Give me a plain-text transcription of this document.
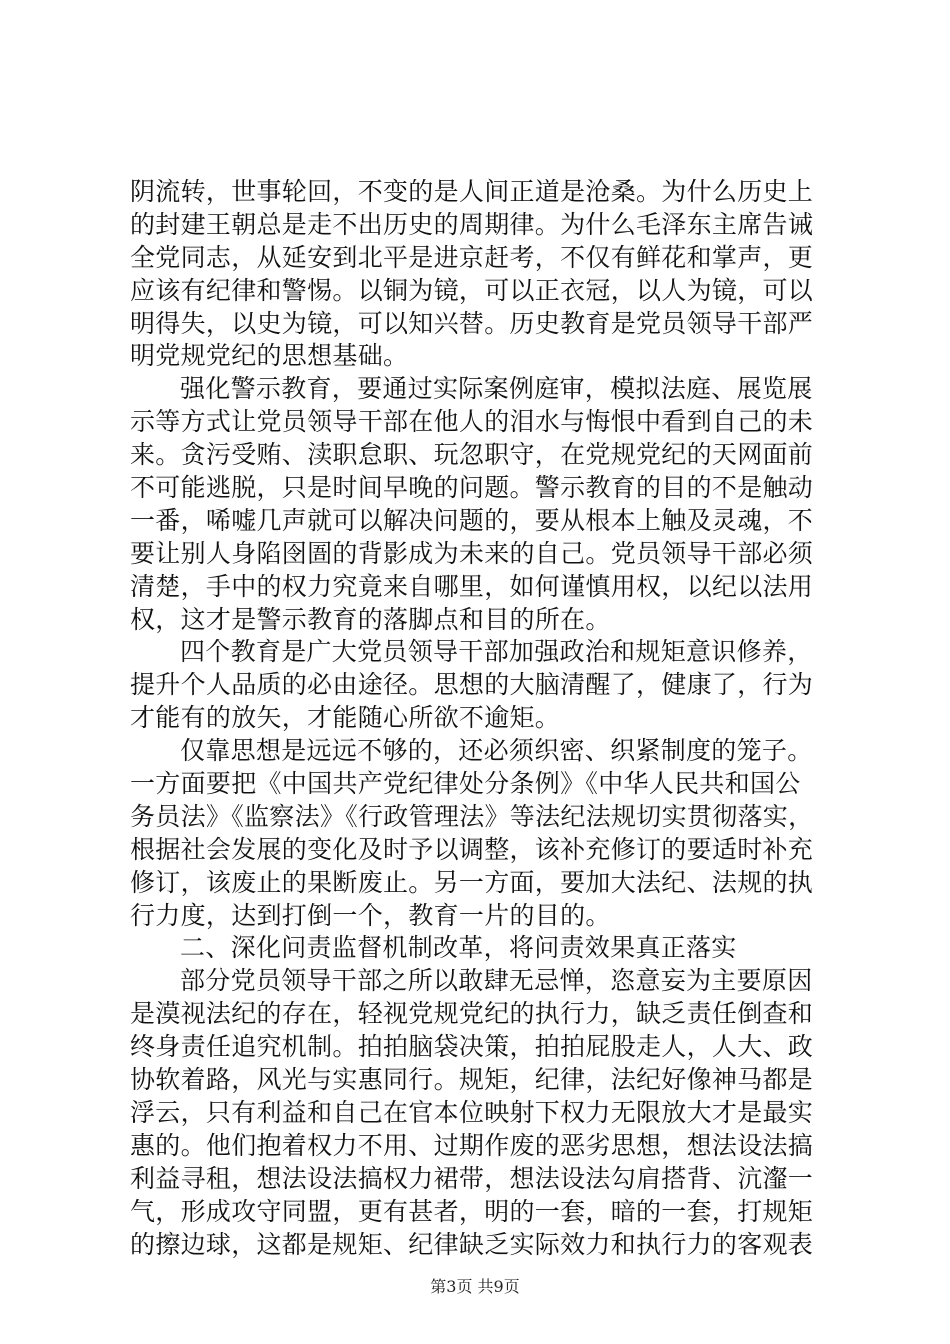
阴流转，世事轮回，不变的是人间正道是沧桑。为什么历史上
的封建王朝总是走不出历史的周期律。为什么毛泽东主席告诫
全党同志，从延安到北平是进京赶考，不仅有鲜花和掌声，更
应该有纪律和警惕。以铜为镜，可以正衣冠，以人为镜，可以
明得失，以史为镜，可以知兴替。历史教育是党员领导干部严
明党规党纪的思想基础。
强化警示教育，要通过实际案例庭审，模拟法庭、展览展
示等方式让党员领导干部在他人的泪水与悔恨中看到自己的未
来。贪污受贿、渎职怠职、玩忽职守，在党规党纪的天网面前
不可能逃脱，只是时间早晚的问题。警示教育的目的不是触动
一番，唏嘘几声就可以解决问题的，要从根本上触及灵魂，不
要让别人身陷囹圄的背影成为未来的自己。党员领导干部必须
清楚，手中的权力究竟来自哪里，如何谨慎用权，以纪以法用
权，这才是警示教育的落脚点和目的所在。
四个教育是广大党员领导干部加强政治和规矩意识修养，
提升个人品质的必由途径。思想的大脑清醒了，健康了，行为
才能有的放矢，才能随心所欲不逾矩。
仅靠思想是远远不够的，还必须织密、织紧制度的笼子。
一方面要把《中国共产党纪律处分条例》《中华人民共和国公
务员法》《监察法》《行政管理法》等法纪法规切实贯彻落实，
根据社会发展的变化及时予以调整，该补充修订的要适时补充
修订，该废止的果断废止。另一方面，要加大法纪、法规的执
行力度，达到打倒一个，教育一片的目的。
二、深化问责监督机制改革，将问责效果真正落实
部分党员领导干部之所以敢肆无忌惮，恣意妄为主要原因
是漠视法纪的存在，轻视党规党纪的执行力，缺乏责任倒查和
终身责任追究机制。拍拍脑袋决策，拍拍屁股走人，人大、政
协软着路，风光与实惠同行。规矩，纪律，法纪好像神马都是
浮云，只有利益和自己在官本位映射下权力无限放大才是最实
惠的。他们抱着权力不用、过期作废的恶劣思想，想法设法搞
利益寻租，想法设法搞权力裙带，想法设法勾肩搭背、沆瀣一
气，形成攻守同盟，更有甚者，明的一套，暗的一套，打规矩
的擦边球，这都是规矩、纪律缺乏实际效力和执行力的客观表
第3页 共9页
